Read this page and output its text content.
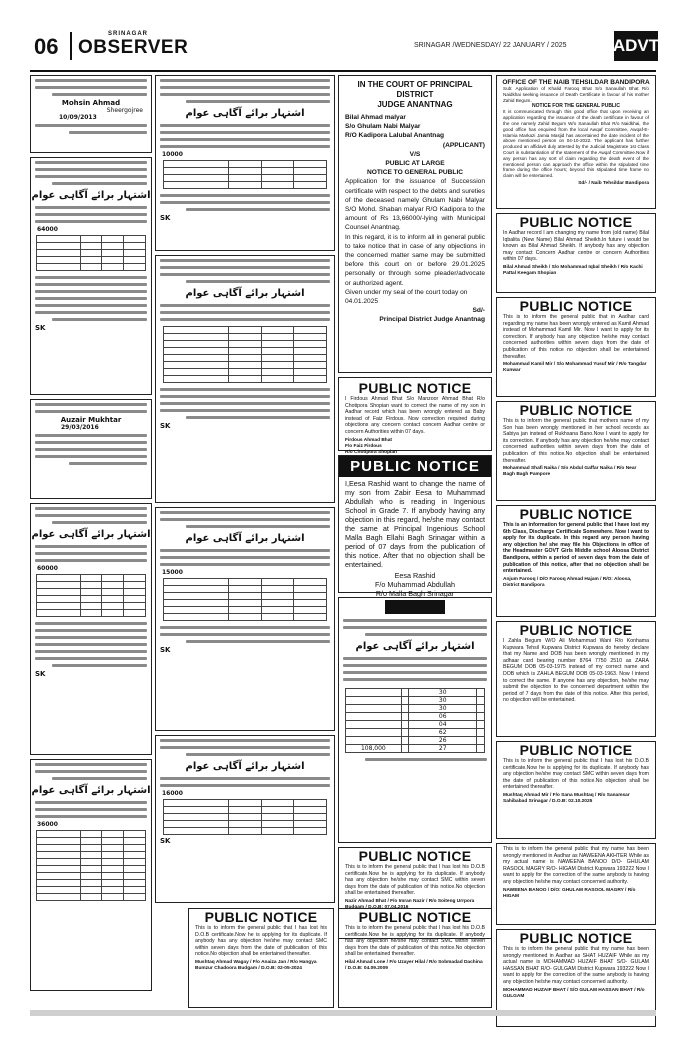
06	SRINAGAR
OBSERVER	SRINAGAR /WEDNESDAY/ 22 JANUARY / 2025	ADVT
Mohsin Ahmad
Sheergojree
10/09/2013
اشتہار برائے آگاہی عوام
64000

SK
Auzair Mukhtar
29/03/2016
اشتہار برائے آگاہی عوام
60000

SK
اشتہار برائے آگاہی عوام
36000

اشتہار برائے آگاہی عوام
10000

SK
اشتہار برائے آگاہی عوام

SK
اشتہار برائے آگاہی عوام
15000

SK
اشتہار برائے آگاہی عوام
16000

SK
PUBLIC NOTICE
This is to inform the general public that I has lost his D.O.B certificate.Now he is applying for its duplicate. If anybody has any objection he/she may contact SMC within seven days from the date of publication of this notice.No objection shall be entertained thereafter.
Mushtaq Ahmad Wagay / F/o Anaiza Jan / R/o Hangya Bumzur Chadoora Budgam / D.O.B: 02-05-2024
IN THE COURT OF PRINCIPAL DISTRICT
JUDGE ANANTNAG
Bilal Ahmad malyar
S/o Ghulam Nabi Malyar
R/O Kadipora Lalubal Anantnag
(APPLICANT)
V/S
PUBLIC AT LARGE
NOTICE TO GENERAL PUBLIC
Application for the issuance of Succession certificate with respect to the debts and sureties of the deceased namely Ghulam Nabi Malyar S/O Mohd. Shaban malyar R/O Kadipora to the amount of Rs 13,66000/-lying with Municipal Counsel Anantnag.
In this regard, it is to inform all in general public to take notice that in case of any objections in the concerned matter same may be submitted before this court on or before 29.01.2025 personally or through some pleader/advocate or authorized agent.
Given under my seal of the court today on 04.01.2025
Sd/-
Principal District Judge Anantnag
PUBLIC NOTICE
I Firdous Ahmad Bhat S/o Manzoor Ahmad Bhat R/o Chotipora Shopian want to correct the name of my son in Aadhar record which has been wrongly entered as Baby instead of Faiz Firdous. Now correction required during objections any concern contact concern Aadhar centre or concern Authorities within 07 days.
Firdous Ahmad Bhat
F/o Faiz Firdous
R/o Chotipora Shopian
PUBLIC NOTICE
I,Eesa Rashid want to change the name of my son from Zabir Eesa to Muhammad Abdullah who is reading in Ingenious School in Grade 7. If anybody having any objection in this regard, he/she may contact the same at Principal Ingenious School Malla Bagh Ellahi Bagh Srinagar within a period of 07 days from the publication of this notice. After that no objection shall be entertained.
Eesa Rashid
F/o Muhammad Abdullah
R/o Malla Bagh Srinagar
اشتہار برائے آگاہی عوام
		30	
		30	
		30	
		06	
		04	
		62	
		26	
108,000		27	
PUBLIC NOTICE
This is to inform the general public that I has lost his D.O.B certificate.Now he is applying for its duplicate. If anybody has any objection he/she may contact SMC within seven days from the date of publication of this notice.No objection shall be entertained thereafter.
Nazir Ahmad Bhat / F/o Imran Nazir / R/o Soiteng Urrpora Budgam / D.O.B: 07.04.2016
PUBLIC NOTICE
This is to inform the general public that I has lost his D.O.B certificate.Now he is applying for its duplicate. If anybody has any objection he/she may contact SMC within seven days from the date of publication of this notice.No objection shall be entertained thereafter.
Hilal Ahmad Lone / F/o Uzayer Hilal / R/o Sobmadad Dachina / D.O.B: 04.09.2009
OFFICE OF THE NAIB TEHSILDAR BANDIPORA
Sub: Application of Khalid Farooq Bhat S/o Sanaullah Bhat R/o Naidkhai seeking issuance of Death Certificate in favour of his mother Zahid Begum.
NOTICE FOR THE GENERAL PUBLIC
It is communicated through this good office that upon receiving an application regarding the issuance of the death certificate in favour of the one namely Zahid Begum W/o Sanaullah Bhat R/o Naidkhai, the good office has enquired from the local Awqaf Committee, Awqaf-E- Islamia Markazi Jamia Masjid has ascertained the date incident of the above mentioned person on 04-10-2022. The applicant has further produced an affidavit duly attested by the Judicial Magistrate 1st Class Court in substantiation of the statement of the Awqaf Committee.Now if any person has any sort of claim regarding the death event of the mentioned person can approach the office within the stipulated time frame during the office hours; beyond this stipulated time frame no claim will be entertained.
Sd/- / Naib Tehsildar Bandipora
PUBLIC NOTICE
In Aadhar record I am changing my name from (old name) Bilal Iqbalita (New Name) Bilal Ahmad Sheikh.In future i would be known as Bilal Ahmad Sheikh. If anybody has any objection may contact Concern Aadhar centre or concern Authorities within 07 days.
Bilal Ahmad Sheikh / S/o Mohammad Iqbal Sheikh / R/o Kachi Pattal Keegam Shopian
PUBLIC NOTICE
This is to inform the general public that in Aadhar card regarding my name has been wrongly entered as Kamil Ahmad instead of Mohammad Kamil Mir. Now I want to apply for its correction. If anybody has any objection he/she may contact concerned authorities within seven days from the date of publication of this notice no objection shall be entertained thereafter.
Mohammad Kamil Mir / S/o Mohammad Yusuf Mir / R/o Tangdar Kunwar
PUBLIC NOTICE
This is to inform the general public that mothers name of my Son has been wrongly mentioned in her school records as Sabiya jan instead of Rukhsana Bano.Now I want to apply for its correction. If anybody has any objection he/she may contact concerned authorities within seven days from the date of publication of this notice.No objection shall be entertained thereafter.
Mohammad Shafi Naika / S/o Abdul Gaffar Naika / R/o Near Bagh Bagh Pampore
PUBLIC NOTICE
This is an information for general public that I have lost my 6th Class, Discharge Certificate Somewhere. Now I want to apply for its duplicate. In this regard any person having any objection he/ she may file his Objections in office of the Headmaster GOVT Girls Middle school Aloosa District Bandipora, within a period of seven days from the date of publication of this notice, after that no objection shall be entertained.
Anjum Farooq / D/O Farooq Ahmad Hajam / R/O: Aloosa, District Bandipora
PUBLIC NOTICE
I Zahla Begum W/O Ali Mohammad Wani R/o Konhama Kupwara Tehsil Kupwara District Kupwara do hereby declare that my Name and DOB has been wrongly mentioned in my adhaar card bearing number 8764 7750 2510 as ZARA BEGUM DOB 05-03-1975 instead of my correct name and DOB which is ZAHLA BEGUM DOB 05-03-1963. Now I intend to correct the same. If anyone has any objection, he/she may submit the objection to the concerned department within the period of 7 days from the date of this notice. After this period, no objection will be entertained.
PUBLIC NOTICE
This is to inform the general public that I has lost his D.O.B certificate.Now he is applying for its duplicate. If anybody has any objection he/she may contact SMC within seven days from the date of publication of this notice.No objection shall be entertained thereafter.
Mushtaq Ahmad Mir / F/o Sana Mushtaq / R/o Sanamsar Sahibabad Srinagar / D.O.B: 02.10.2025
This is to inform the general public that my name has been wrongly mentioned in Aadhar as NAWEENA AKHTER While as my actual name is NAWEENA BANOO D/O- GHULAM RASOOL MAGRY R/O- HIGAM District Kupwara 193222 Now I want to apply for the correction of the same anybody is having any objection he/she may contact concerned authority.
NAWEENA BANOO / D/O: GHULAM RASOOL MAGRY / R/o HIGAM
PUBLIC NOTICE
This is to inform the general public that my name has been wrongly mentioned in Aadhar as SHAT HUZAIF While as my actual name is MOHAMMAD HUZAIF BHAT S/O- GULAM HASSAN BHAT R/O- GULGAM District Kupwara 193222 Now I want to apply for the correction of the same anybody is having any objection he/she may contact concerned authority.
MOHAMMAD HUZAIF BHAT / S/O GULAM HASSAN BHAT / R/o GULGAM
